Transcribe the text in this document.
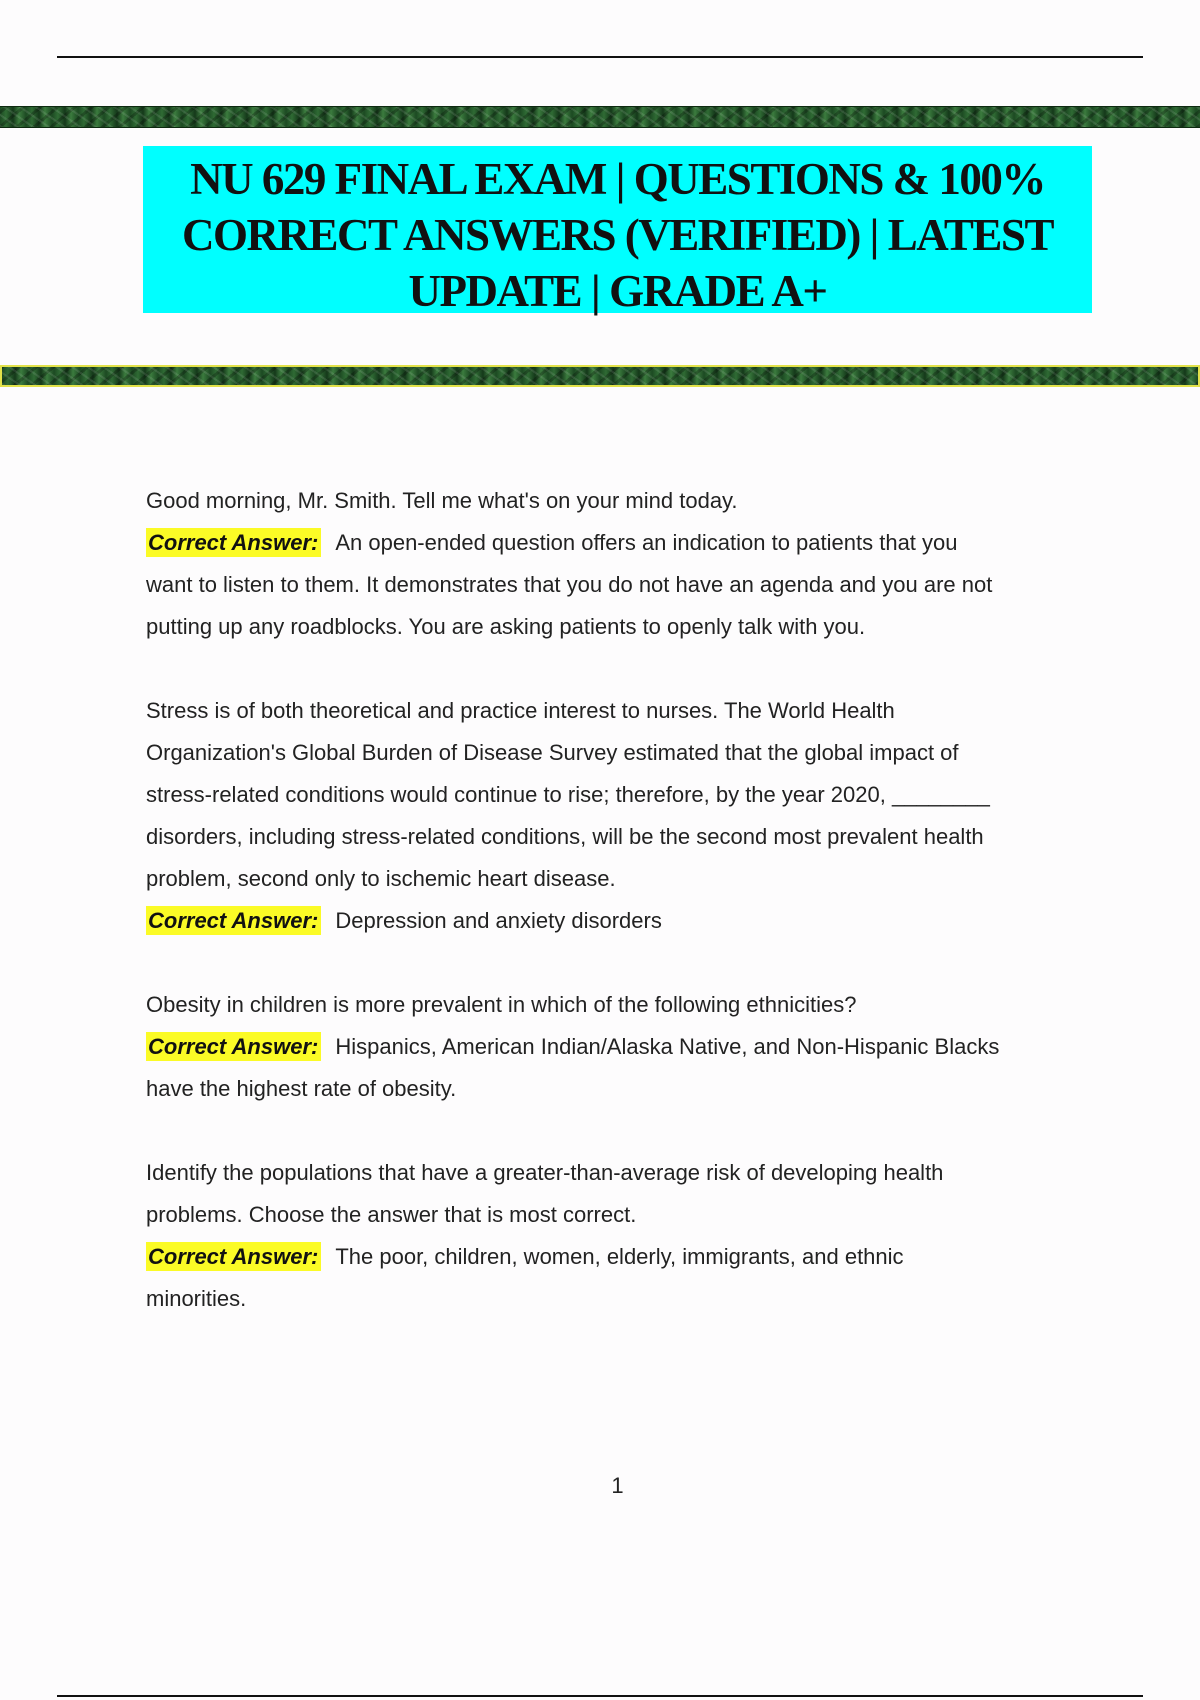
NU 629 FINAL EXAM | QUESTIONS & 100%
CORRECT ANSWERS (VERIFIED) | LATEST
UPDATE | GRADE A+
Good morning, Mr. Smith. Tell me what's on your mind today.
Correct Answer: An open-ended question offers an indication to patients that you
want to listen to them. It demonstrates that you do not have an agenda and you are not
putting up any roadblocks. You are asking patients to openly talk with you.
Stress is of both theoretical and practice interest to nurses. The World Health
Organization's Global Burden of Disease Survey estimated that the global impact of
stress-related conditions would continue to rise; therefore, by the year 2020, ________
disorders, including stress-related conditions, will be the second most prevalent health
problem, second only to ischemic heart disease.
Correct Answer: Depression and anxiety disorders
Obesity in children is more prevalent in which of the following ethnicities?
Correct Answer: Hispanics, American Indian/Alaska Native, and Non-Hispanic Blacks
have the highest rate of obesity.
Identify the populations that have a greater-than-average risk of developing health
problems. Choose the answer that is most correct.
Correct Answer: The poor, children, women, elderly, immigrants, and ethnic
minorities.
1
